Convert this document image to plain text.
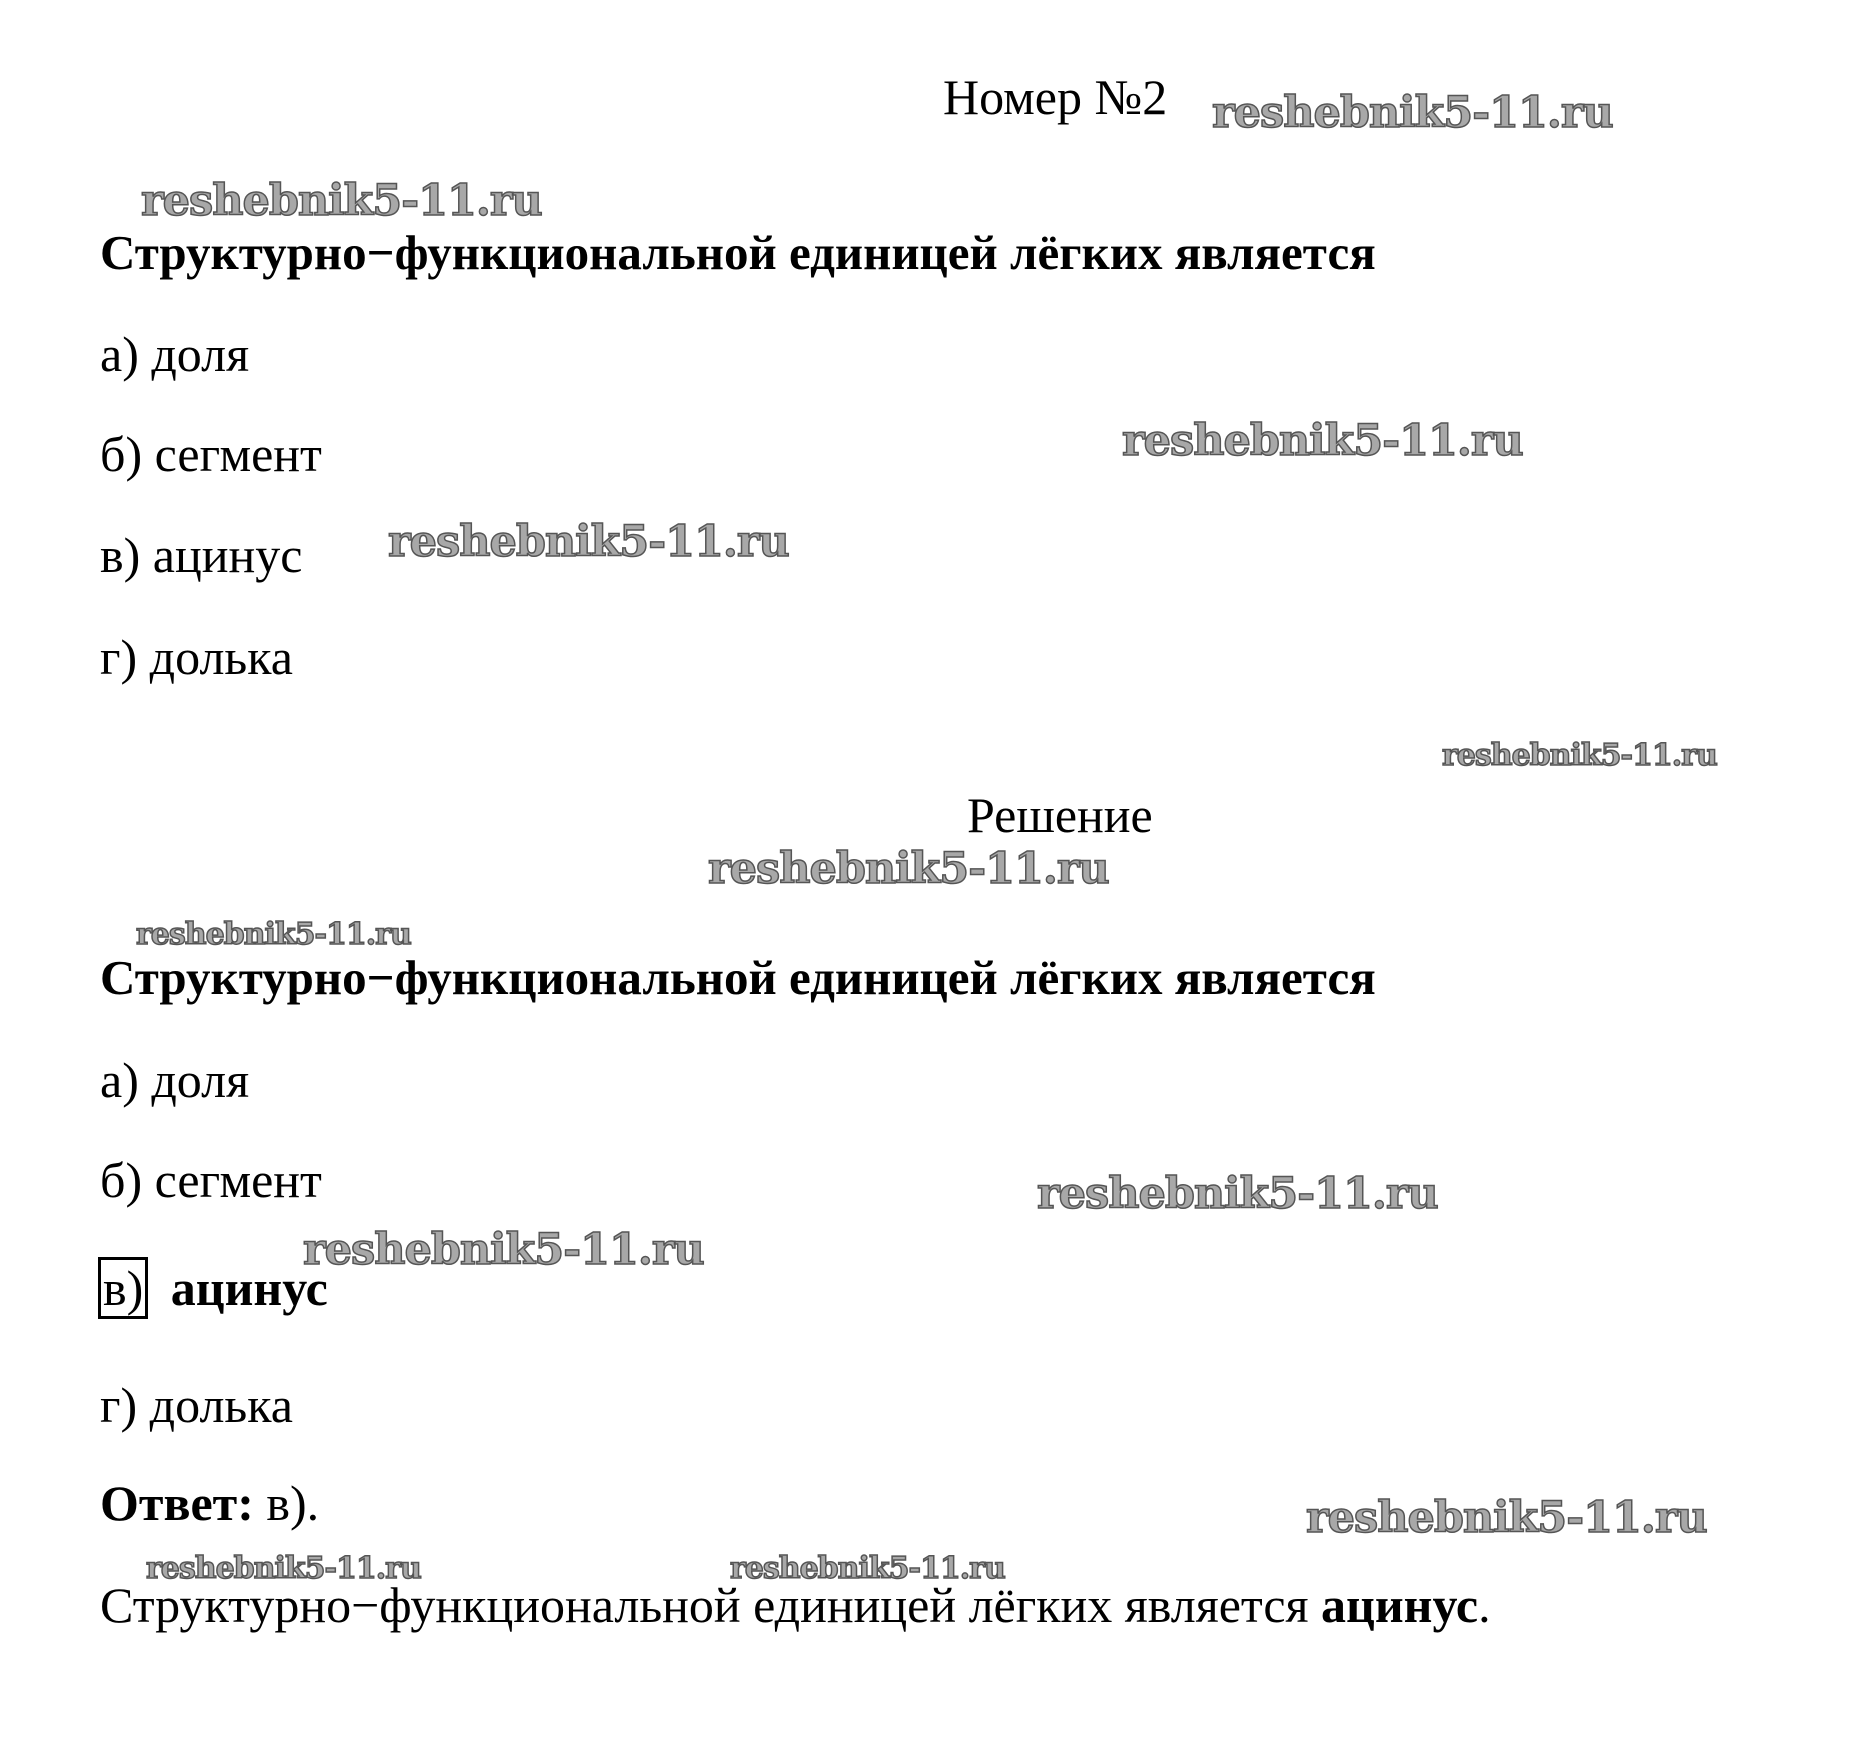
Номер №2
Структурно−функциональной единицей лёгких является
а) доля
б) сегмент
в) ацинус
г) долька
Решение
Структурно−функциональной единицей лёгких является
а) доля
б) сегмент
в) ацинус
г) долька
Ответ: в).
Структурно−функциональной единицей лёгких является ацинус.
reshebnik5-11.ru
reshebnik5-11.ru
reshebnik5-11.ru
reshebnik5-11.ru
reshebnik5-11.ru
reshebnik5-11.ru
reshebnik5-11.ru
reshebnik5-11.ru
reshebnik5-11.ru
reshebnik5-11.ru
reshebnik5-11.ru	reshebnik5-11.ru
